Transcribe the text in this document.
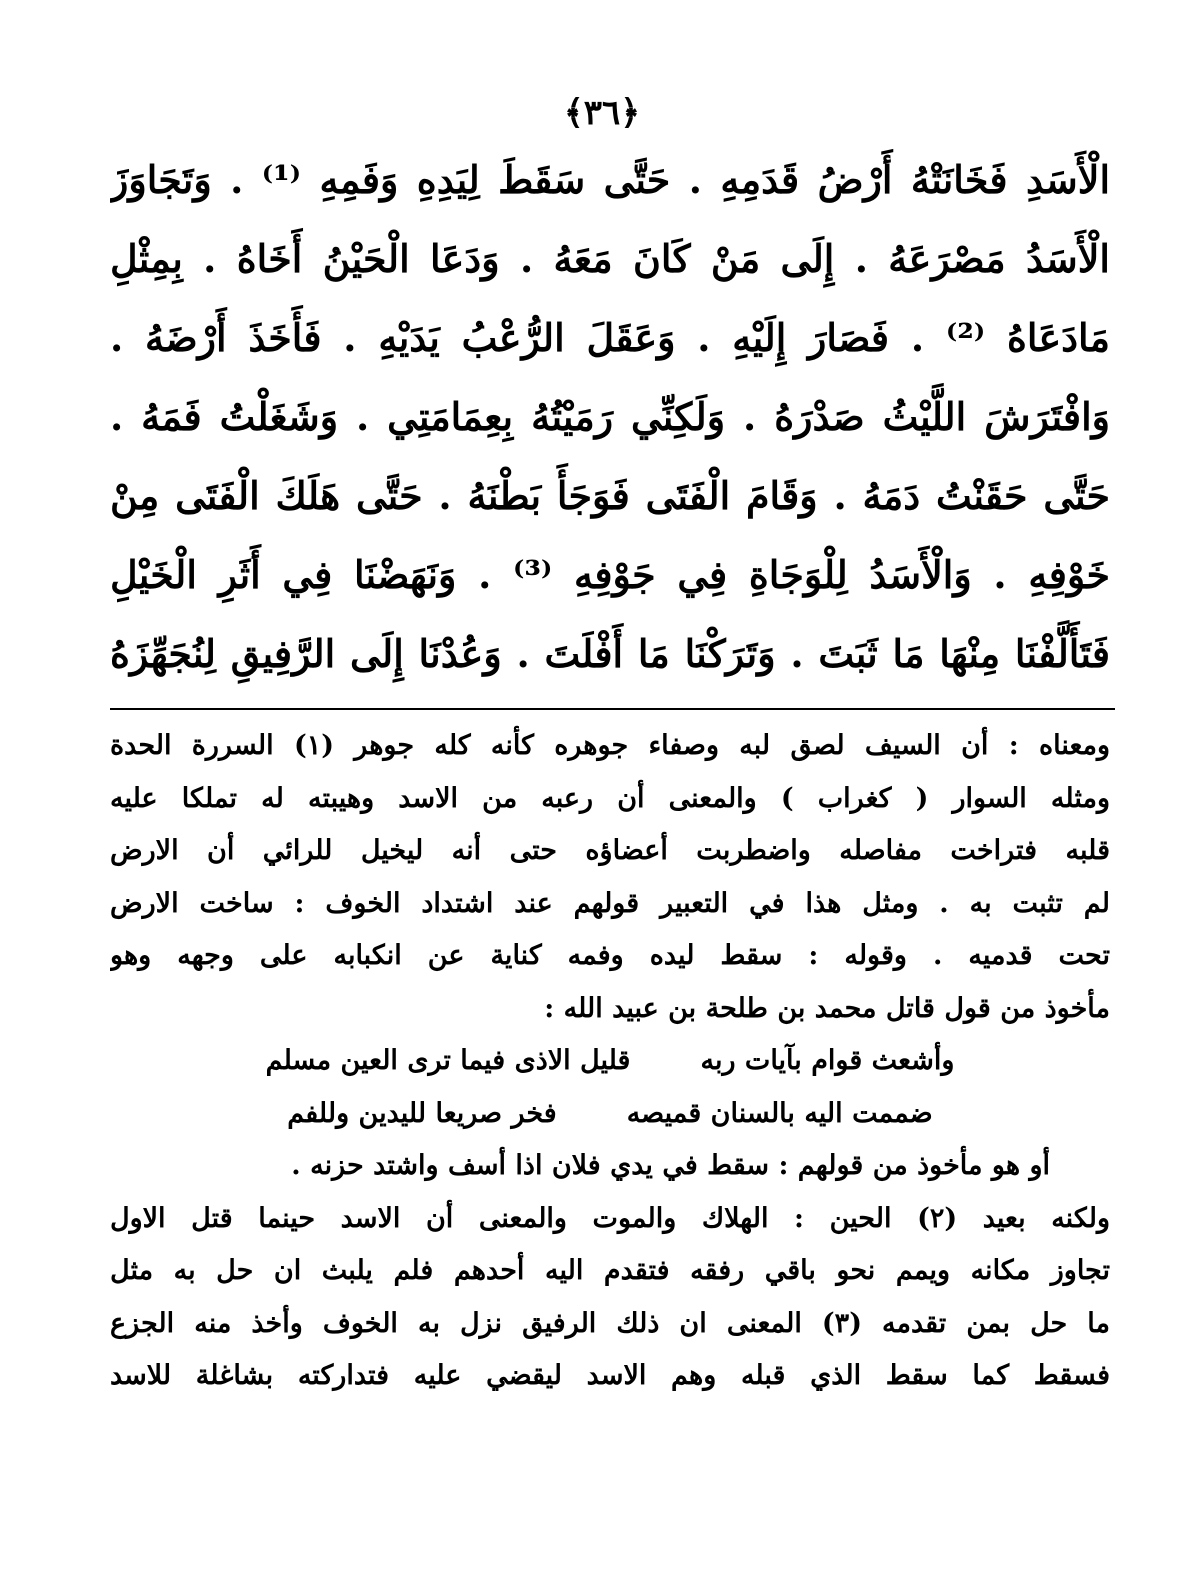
﴿٣٦﴾
الْأَسَدِ فَخَانَتْهُ أَرْضُ قَدَمِهِ . حَتَّى سَقَطَ لِيَدِهِ وَفَمِهِ ⁽¹⁾ . وَتَجَاوَزَ
الْأَسَدُ مَصْرَعَهُ . إِلَى مَنْ كَانَ مَعَهُ . وَدَعَا الْحَيْنُ أَخَاهُ . بِمِثْلِ
مَادَعَاهُ ⁽²⁾ . فَصَارَ إِلَيْهِ . وَعَقَلَ الرُّعْبُ يَدَيْهِ . فَأَخَذَ أَرْضَهُ .
وَافْتَرَشَ اللَّيْثُ صَدْرَهُ . وَلَكِنِّي رَمَيْتُهُ بِعِمَامَتِي . وَشَغَلْتُ فَمَهُ .
حَتَّى حَقَنْتُ دَمَهُ . وَقَامَ الْفَتَى فَوَجَأَ بَطْنَهُ . حَتَّى هَلَكَ الْفَتَى مِنْ
خَوْفِهِ . وَالْأَسَدُ لِلْوَجَاةِ فِي جَوْفِهِ ⁽³⁾ . وَنَهَضْنَا فِي أَثَرِ الْخَيْلِ
فَتَأَلَّفْنَا مِنْهَا مَا ثَبَتَ . وَتَرَكْنَا مَا أَفْلَتَ . وَعُدْنَا إِلَى الرَّفِيقِ لِنُجَهِّزَهُ
ومعناه : أن السيف لصق لبه وصفاء جوهره كأنه كله جوهر (١) السررة الحدة
ومثله السوار ( كغراب ) والمعنى أن رعبه من الاسد وهيبته له تملكا عليه
قلبه فتراخت مفاصله واضطربت أعضاؤه حتى أنه ليخيل للرائي أن الارض
لم تثبت به . ومثل هذا في التعبير قولهم عند اشتداد الخوف : ساخت الارض
تحت قدميه . وقوله : سقط ليده وفمه كناية عن انكبابه على وجهه وهو
مأخوذ من قول قاتل محمد بن طلحة بن عبيد الله :
وأشعث قوام بآيات ربه
قليل الاذى فيما ترى العين مسلم
ضممت اليه بالسنان قميصه
فخر صريعا لليدين وللفم
أو هو مأخوذ من قولهم : سقط في يدي فلان اذا أسف واشتد حزنه .
ولكنه بعيد (٢) الحين : الهلاك والموت والمعنى أن الاسد حينما قتل الاول
تجاوز مكانه ويمم نحو باقي رفقه فتقدم اليه أحدهم فلم يلبث ان حل به مثل
ما حل بمن تقدمه (٣) المعنى ان ذلك الرفيق نزل به الخوف وأخذ منه الجزع
فسقط كما سقط الذي قبله وهم الاسد ليقضي عليه فتداركته بشاغلة للاسد
